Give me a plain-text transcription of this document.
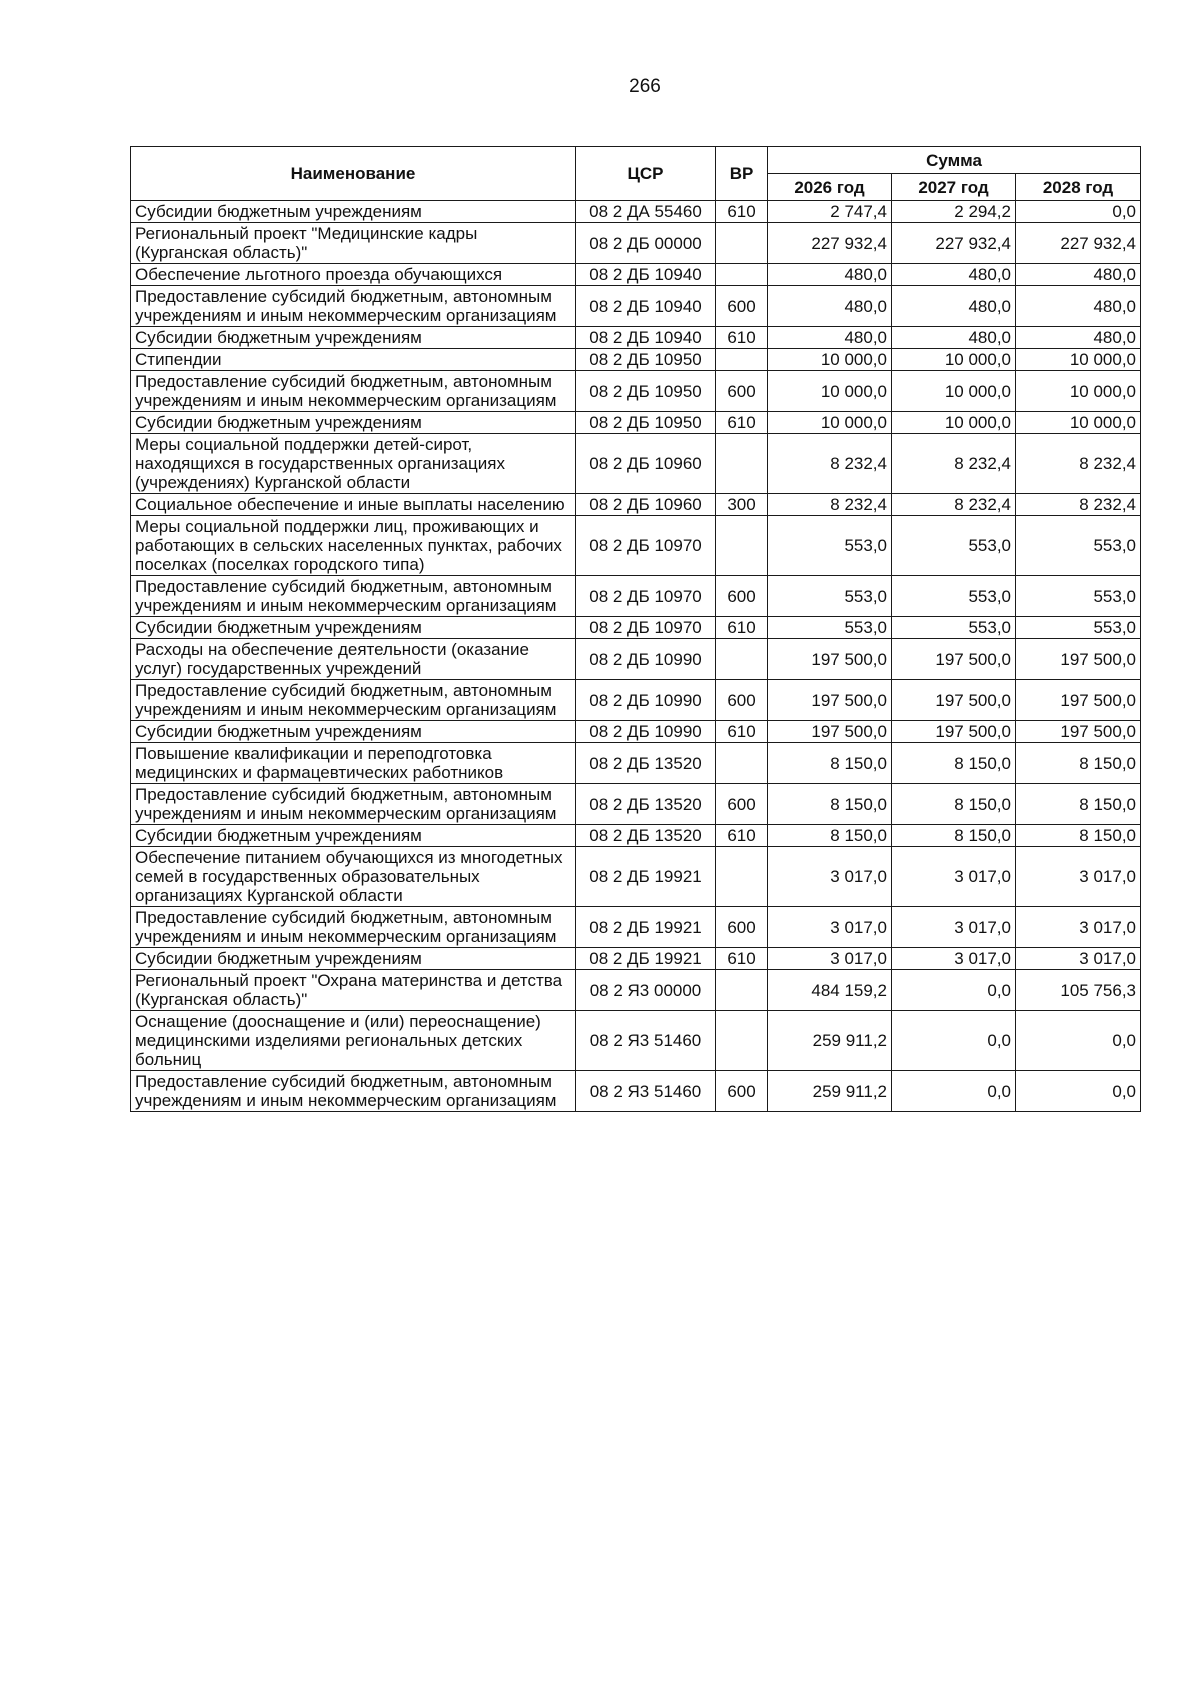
266
Наименование	ЦСР	ВР	Сумма		
			2026 год	2027 год	2028 год
Субсидии бюджетным учреждениям	08 2 ДА 55460	610	2 747,4	2 294,2	0,0
Региональный проект "Медицинские кадры (Курганская область)"	08 2 ДБ 00000		227 932,4	227 932,4	227 932,4
Обеспечение льготного проезда обучающихся	08 2 ДБ 10940		480,0	480,0	480,0
Предоставление субсидий бюджетным, автономным учреждениям и иным некоммерческим организациям	08 2 ДБ 10940	600	480,0	480,0	480,0
Субсидии бюджетным учреждениям	08 2 ДБ 10940	610	480,0	480,0	480,0
Стипендии	08 2 ДБ 10950		10 000,0	10 000,0	10 000,0
Предоставление субсидий бюджетным, автономным учреждениям и иным некоммерческим организациям	08 2 ДБ 10950	600	10 000,0	10 000,0	10 000,0
Субсидии бюджетным учреждениям	08 2 ДБ 10950	610	10 000,0	10 000,0	10 000,0
Меры социальной поддержки детей-сирот, находящихся в государственных организациях (учреждениях) Курганской области	08 2 ДБ 10960		8 232,4	8 232,4	8 232,4
Социальное обеспечение и иные выплаты населению	08 2 ДБ 10960	300	8 232,4	8 232,4	8 232,4
Меры социальной поддержки лиц, проживающих и работающих в сельских населенных пунктах, рабочих поселках (поселках городского типа)	08 2 ДБ 10970		553,0	553,0	553,0
Предоставление субсидий бюджетным, автономным учреждениям и иным некоммерческим организациям	08 2 ДБ 10970	600	553,0	553,0	553,0
Субсидии бюджетным учреждениям	08 2 ДБ 10970	610	553,0	553,0	553,0
Расходы на обеспечение деятельности (оказание услуг) государственных учреждений	08 2 ДБ 10990		197 500,0	197 500,0	197 500,0
Предоставление субсидий бюджетным, автономным учреждениям и иным некоммерческим организациям	08 2 ДБ 10990	600	197 500,0	197 500,0	197 500,0
Субсидии бюджетным учреждениям	08 2 ДБ 10990	610	197 500,0	197 500,0	197 500,0
Повышение квалификации и переподготовка медицинских и фармацевтических работников	08 2 ДБ 13520		8 150,0	8 150,0	8 150,0
Предоставление субсидий бюджетным, автономным учреждениям и иным некоммерческим организациям	08 2 ДБ 13520	600	8 150,0	8 150,0	8 150,0
Субсидии бюджетным учреждениям	08 2 ДБ 13520	610	8 150,0	8 150,0	8 150,0
Обеспечение питанием обучающихся из многодетных семей в государственных образовательных организациях Курганской области	08 2 ДБ 19921		3 017,0	3 017,0	3 017,0
Предоставление субсидий бюджетным, автономным учреждениям и иным некоммерческим организациям	08 2 ДБ 19921	600	3 017,0	3 017,0	3 017,0
Субсидии бюджетным учреждениям	08 2 ДБ 19921	610	3 017,0	3 017,0	3 017,0
Региональный проект "Охрана материнства и детства (Курганская область)"	08 2 Я3 00000		484 159,2	0,0	105 756,3
Оснащение (дооснащение и (или) переоснащение) медицинскими изделиями региональных детских больниц	08 2 Я3 51460		259 911,2	0,0	0,0
Предоставление субсидий бюджетным, автономным учреждениям и иным некоммерческим организациям	08 2 Я3 51460	600	259 911,2	0,0	0,0
